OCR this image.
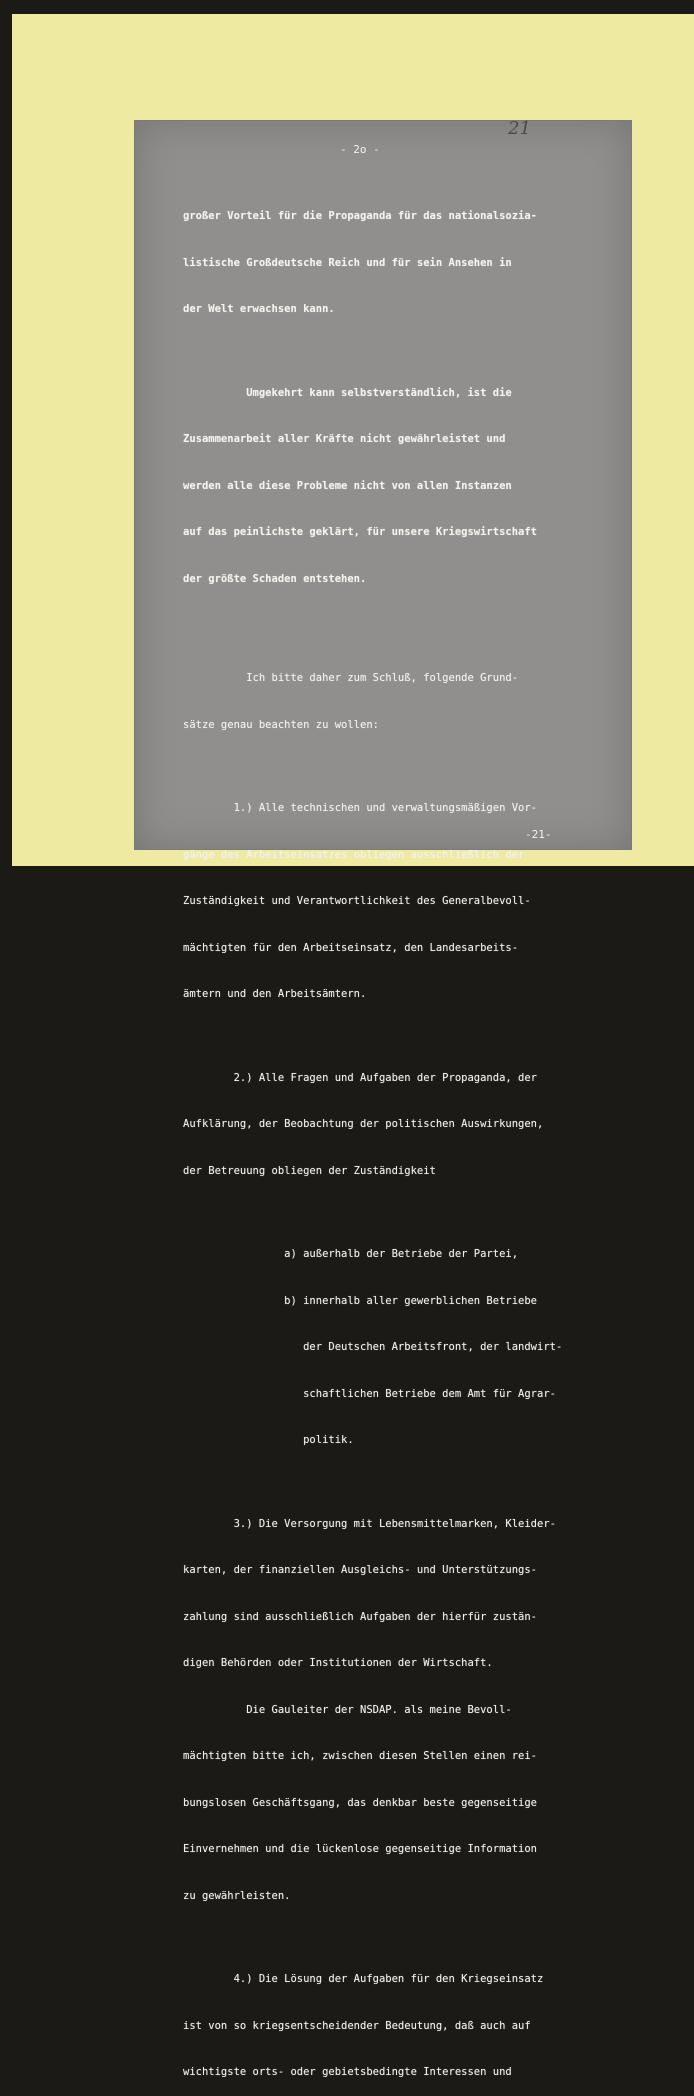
21
- 2o -

großer Vorteil für die Propaganda für das nationalsozia-

listische Großdeutsche Reich und für sein Ansehen in

der Welt erwachsen kann.

Umgekehrt kann selbstverständlich, ist die

Zusammenarbeit aller Kräfte nicht gewährleistet und

werden alle diese Probleme nicht von allen Instanzen

auf das peinlichste geklärt, für unsere Kriegswirtschaft

der größte Schaden entstehen.

Ich bitte daher zum Schluß, folgende Grund-

sätze genau beachten zu wollen:

1.) Alle technischen und verwaltungsmäßigen Vor-

gänge des Arbeitseinsatzes obliegen ausschließlich der

Zuständigkeit und Verantwortlichkeit des Generalbevoll-

mächtigten für den Arbeitseinsatz, den Landesarbeits-

ämtern und den Arbeitsämtern.

2.) Alle Fragen und Aufgaben der Propaganda, der

Aufklärung, der Beobachtung der politischen Auswirkungen,

der Betreuung obliegen der Zuständigkeit

a) außerhalb der Betriebe der Partei,

b) innerhalb aller gewerblichen Betriebe

der Deutschen Arbeitsfront, der landwirt-

schaftlichen Betriebe dem Amt für Agrar-

politik.

3.) Die Versorgung mit Lebensmittelmarken, Kleider-

karten, der finanziellen Ausgleichs- und Unterstützungs-

zahlung sind ausschließlich Aufgaben der hierfür zustän-

digen Behörden oder Institutionen der Wirtschaft.

Die Gauleiter der NSDAP. als meine Bevoll-

mächtigten bitte ich, zwischen diesen Stellen einen rei-

bungslosen Geschäftsgang, das denkbar beste gegenseitige

Einvernehmen und die lückenlose gegenseitige Information

zu gewährleisten.

4.) Die Lösung der Aufgaben für den Kriegseinsatz

ist von so kriegsentscheidender Bedeutung, daß auch auf

wichtigste orts- oder gebietsbedingte Interessen und

-21-
